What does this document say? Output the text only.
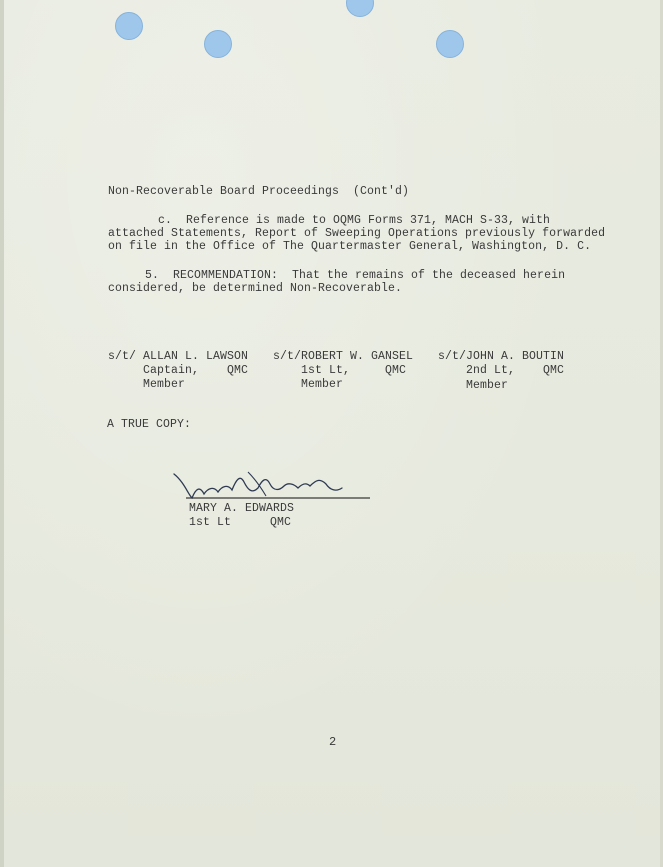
Non-Recoverable Board Proceedings  (Cont'd)
c.  Reference is made to OQMG Forms 371, MACH S-33, with
attached Statements, Report of Sweeping Operations previously forwarded
on file in the Office of The Quartermaster General, Washington, D. C.
5.  RECOMMENDATION:  That the remains of the deceased herein
considered, be determined Non-Recoverable.
s/t/ ALLAN L. LAWSON
Captain,    QMC
Member
s/t/ROBERT W. GANSEL
1st Lt,     QMC
Member
s/t/JOHN A. BOUTIN
2nd Lt,    QMC
Member
A TRUE COPY:
MARY A. EDWARDS
1st Lt	QMC
2
